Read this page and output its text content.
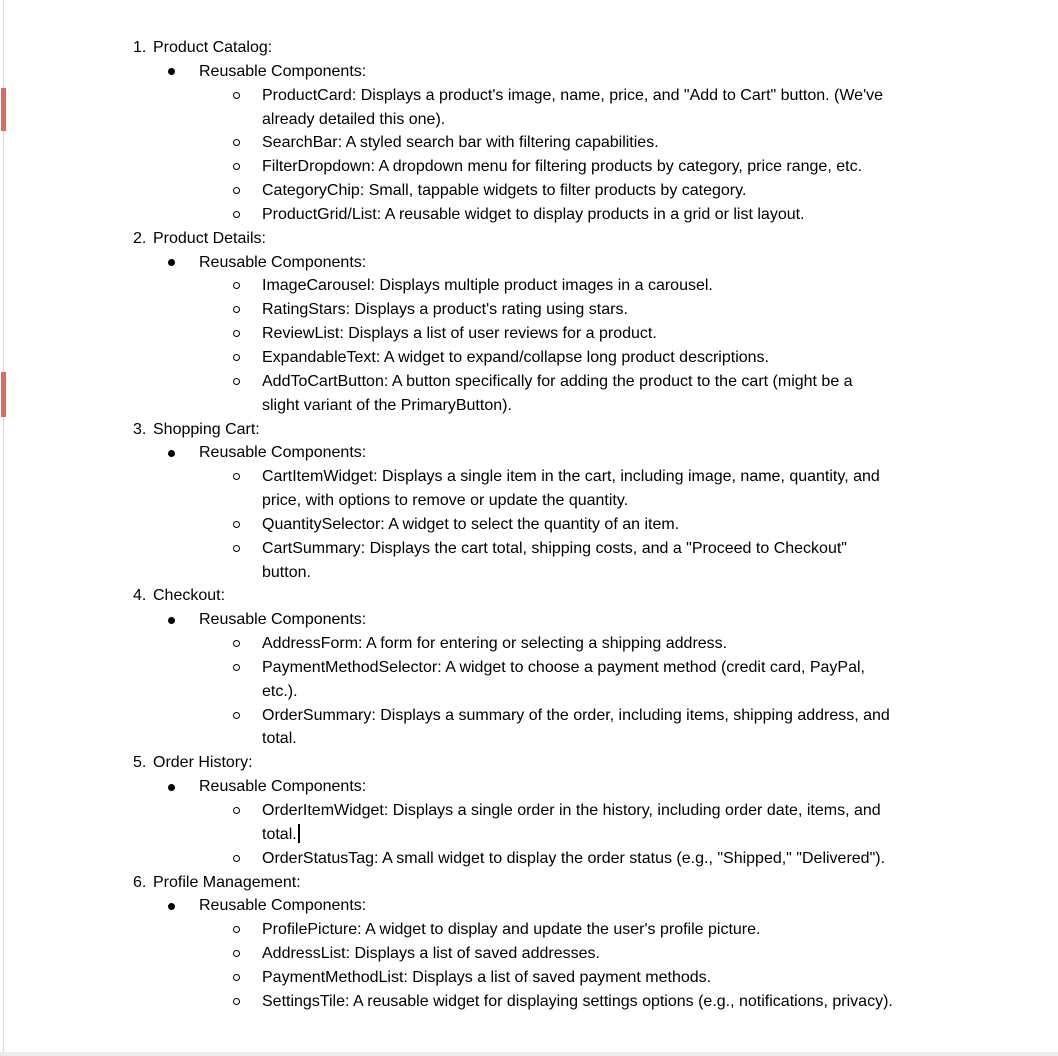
1. Product Catalog:
Reusable Components:
ProductCard: Displays a product's image, name, price, and "Add to Cart" button. (We've
already detailed this one).
SearchBar: A styled search bar with filtering capabilities.
FilterDropdown: A dropdown menu for filtering products by category, price range, etc.
CategoryChip: Small, tappable widgets to filter products by category.
ProductGrid/List: A reusable widget to display products in a grid or list layout.
2. Product Details:
Reusable Components:
ImageCarousel: Displays multiple product images in a carousel.
RatingStars: Displays a product's rating using stars.
ReviewList: Displays a list of user reviews for a product.
ExpandableText: A widget to expand/collapse long product descriptions.
AddToCartButton: A button specifically for adding the product to the cart (might be a
slight variant of the PrimaryButton).
3. Shopping Cart:
Reusable Components:
CartItemWidget: Displays a single item in the cart, including image, name, quantity, and
price, with options to remove or update the quantity.
QuantitySelector: A widget to select the quantity of an item.
CartSummary: Displays the cart total, shipping costs, and a "Proceed to Checkout"
button.
4. Checkout:
Reusable Components:
AddressForm: A form for entering or selecting a shipping address.
PaymentMethodSelector: A widget to choose a payment method (credit card, PayPal,
etc.).
OrderSummary: Displays a summary of the order, including items, shipping address, and
total.
5. Order History:
Reusable Components:
OrderItemWidget: Displays a single order in the history, including order date, items, and
total.
OrderStatusTag: A small widget to display the order status (e.g., "Shipped," "Delivered").
6. Profile Management:
Reusable Components:
ProfilePicture: A widget to display and update the user's profile picture.
AddressList: Displays a list of saved addresses.
PaymentMethodList: Displays a list of saved payment methods.
SettingsTile: A reusable widget for displaying settings options (e.g., notifications, privacy).
